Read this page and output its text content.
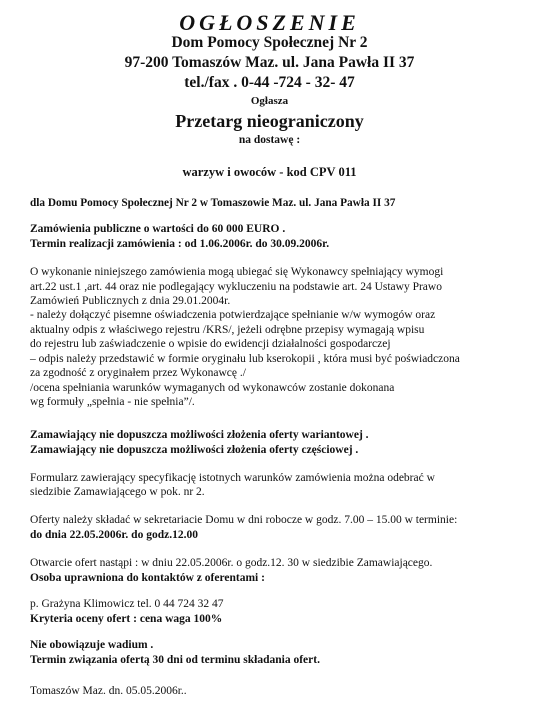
OGŁOSZENIE
Dom Pomocy Społecznej Nr 2
97-200 Tomaszów Maz. ul. Jana Pawła II 37
tel./fax . 0-44 -724 - 32- 47
Ogłasza
Przetarg nieograniczony
na dostawę :
warzyw i owoców - kod CPV 011
dla Domu Pomocy Społecznej Nr 2 w Tomaszowie Maz. ul. Jana Pawła II 37
Zamówienia publiczne o wartości do 60 000 EURO .
Termin realizacji zamówienia : od 1.06.2006r. do 30.09.2006r.
O wykonanie niniejszego zamówienia mogą ubiegać się Wykonawcy spełniający wymogi
art.22 ust.1 ,art. 44 oraz nie podlegający wykluczeniu na podstawie art. 24 Ustawy Prawo
Zamówień Publicznych z dnia 29.01.2004r.
- należy dołączyć pisemne oświadczenia potwierdzające spełnianie w/w wymogów oraz
aktualny odpis z właściwego rejestru /KRS/, jeżeli odrębne przepisy wymagają wpisu
do rejestru lub zaświadczenie o wpisie do ewidencji działalności gospodarczej
– odpis należy przedstawić w formie oryginału lub kserokopii , która musi być poświadczona
za zgodność z oryginałem przez Wykonawcę ./
/ocena spełniania warunków wymaganych od wykonawców zostanie dokonana
wg formuły „spełnia - nie spełnia”/.
Zamawiający nie dopuszcza możliwości złożenia oferty wariantowej .
Zamawiający nie dopuszcza możliwości złożenia oferty częściowej .
Formularz zawierający specyfikację istotnych warunków zamówienia można odebrać w
siedzibie Zamawiającego w pok. nr 2.
Oferty należy składać w sekretariacie Domu w dni robocze w godz. 7.00 – 15.00 w terminie:
do dnia 22.05.2006r. do godz.12.00
Otwarcie ofert nastąpi : w dniu 22.05.2006r. o godz.12. 30 w siedzibie Zamawiającego.
Osoba uprawniona do kontaktów z oferentami :
p. Grażyna Klimowicz tel. 0 44 724 32 47
Kryteria oceny ofert : cena waga 100%
Nie obowiązuje wadium .
Termin związania ofertą 30 dni od terminu składania ofert.
Tomaszów Maz. dn. 05.05.2006r..
